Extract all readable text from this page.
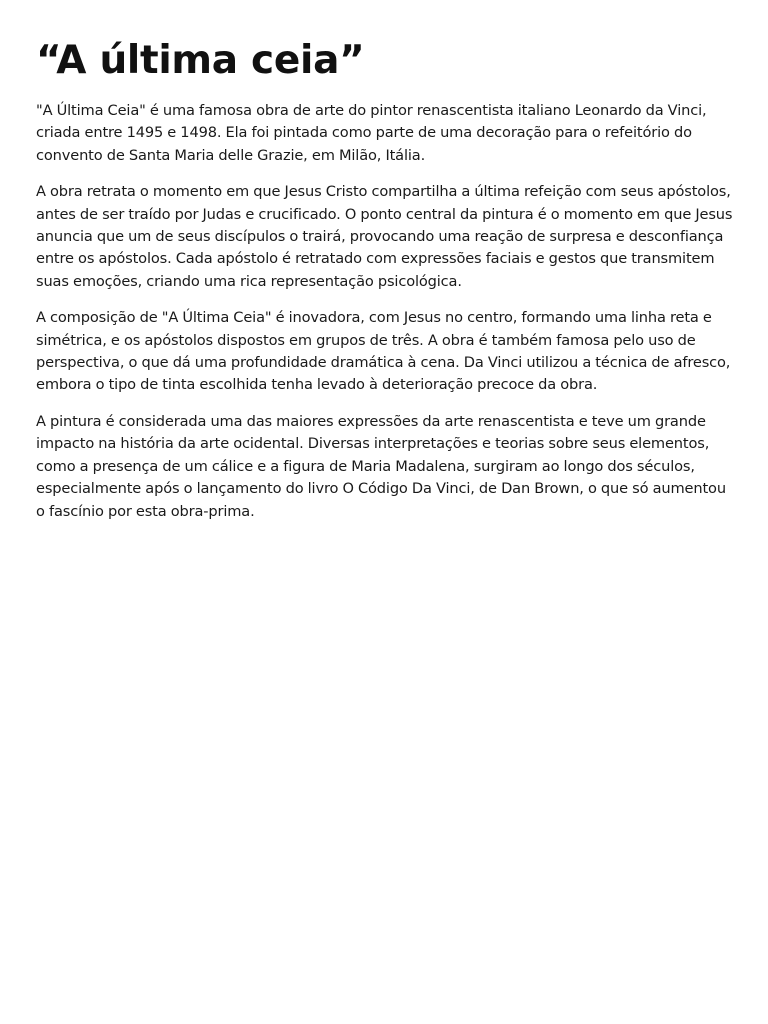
“A última ceia”

"A Última Ceia" é uma famosa obra de arte do pintor renascentista italiano Leonardo da Vinci, criada entre 1495 e 1498. Ela foi pintada como parte de uma decoração para o refeitório do convento de Santa Maria delle Grazie, em Milão, Itália.

A obra retrata o momento em que Jesus Cristo compartilha a última refeição com seus apóstolos, antes de ser traído por Judas e crucificado. O ponto central da pintura é o momento em que Jesus anuncia que um de seus discípulos o trairá, provocando uma reação de surpresa e desconfiança entre os apóstolos. Cada apóstolo é retratado com expressões faciais e gestos que transmitem suas emoções, criando uma rica representação psicológica.

A composição de "A Última Ceia" é inovadora, com Jesus no centro, formando uma linha reta e simétrica, e os apóstolos dispostos em grupos de três. A obra é também famosa pelo uso de perspectiva, o que dá uma profundidade dramática à cena. Da Vinci utilizou a técnica de afresco, embora o tipo de tinta escolhida tenha levado à deterioração precoce da obra.

A pintura é considerada uma das maiores expressões da arte renascentista e teve um grande impacto na história da arte ocidental. Diversas interpretações e teorias sobre seus elementos, como a presença de um cálice e a figura de Maria Madalena, surgiram ao longo dos séculos, especialmente após o lançamento do livro O Código Da Vinci, de Dan Brown, o que só aumentou o fascínio por esta obra-prima.
